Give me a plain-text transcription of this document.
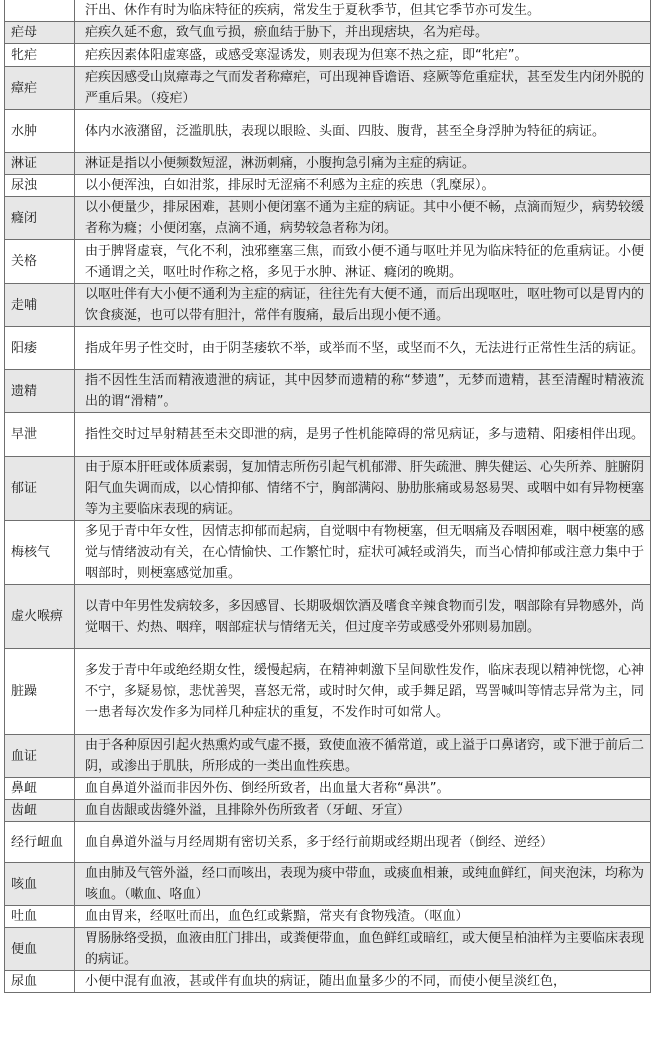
	汗出、休作有时为临床特征的疾病，常发生于夏秋季节，但其它季节亦可发生。
疟母	疟疾久延不愈，致气血亏损，瘀血结于胁下，并出现痞块，名为疟母。
牝疟	疟疾因素体阳虚寒盛，或感受寒湿诱发，则表现为但寒不热之症，即“牝疟”。
瘴疟	疟疾因感受山岚瘴毒之气而发者称瘴疟，可出现神昏谵语、痉厥等危重症状，甚至发生内闭外脱的严重后果。（疫疟）
水肿	体内水液潴留，泛滥肌肤，表现以眼睑、头面、四肢、腹背，甚至全身浮肿为特征的病证。
淋证	淋证是指以小便频数短涩，淋沥刺痛，小腹拘急引痛为主症的病证。
尿浊	以小便浑浊，白如泔浆，排尿时无涩痛不利感为主症的疾患（乳糜尿）。
癃闭	以小便量少，排尿困难，甚则小便闭塞不通为主症的病证。其中小便不畅，点滴而短少，病势较缓者称为癃；小便闭塞，点滴不通，病势较急者称为闭。
关格	由于脾肾虚衰，气化不利，浊邪壅塞三焦，而致小便不通与呕吐并见为临床特征的危重病证。小便不通谓之关，呕吐时作称之格，多见于水肿、淋证、癃闭的晚期。
走哺	以呕吐伴有大小便不通利为主症的病证，往往先有大便不通，而后出现呕吐，呕吐物可以是胃内的饮食痰涎，也可以带有胆汁，常伴有腹痛，最后出现小便不通。
阳痿	指成年男子性交时，由于阴茎痿软不举，或举而不坚，或坚而不久，无法进行正常性生活的病证。
遗精	指不因性生活而精液遗泄的病证，其中因梦而遗精的称“梦遗”，无梦而遗精，甚至清醒时精液流出的谓“滑精”。
早泄	指性交时过早射精甚至未交即泄的病，是男子性机能障碍的常见病证，多与遗精、阳痿相伴出现。
郁证	由于原本肝旺或体质素弱，复加情志所伤引起气机郁滞、肝失疏泄、脾失健运、心失所养、脏腑阴阳气血失调而成，以心情抑郁、情绪不宁，胸部满闷、胁肋胀痛或易怒易哭、或咽中如有异物梗塞等为主要临床表现的病证。
梅核气	多见于青中年女性，因情志抑郁而起病，自觉咽中有物梗塞，但无咽痛及吞咽困难，咽中梗塞的感觉与情绪波动有关，在心情愉快、工作繁忙时，症状可减轻或消失，而当心情抑郁或注意力集中于咽部时，则梗塞感觉加重。
虚火喉痹	以青中年男性发病较多，多因感冒、长期吸烟饮酒及嗜食辛辣食物而引发，咽部除有异物感外，尚觉咽干、灼热、咽痒，咽部症状与情绪无关，但过度辛劳或感受外邪则易加剧。
脏躁	多发于青中年或绝经期女性，缓慢起病，在精神刺激下呈间歇性发作，临床表现以精神恍惚，心神不宁，多疑易惊，悲忧善哭，喜怒无常，或时时欠伸，或手舞足蹈，骂詈喊叫等情志异常为主，同一患者每次发作多为同样几种症状的重复，不发作时可如常人。
血证	由于各种原因引起火热熏灼或气虚不摄，致使血液不循常道，或上溢于口鼻诸窍，或下泄于前后二阴，或渗出于肌肤，所形成的一类出血性疾患。
鼻衄	血自鼻道外溢而非因外伤、倒经所致者，出血量大者称“鼻洪”。
齿衄	血自齿龈或齿缝外溢，且排除外伤所致者（牙衄、牙宣）
经行衄血	血自鼻道外溢与月经周期有密切关系，多于经行前期或经期出现者（倒经、逆经）
咳血	血由肺及气管外溢，经口而咳出，表现为痰中带血，或痰血相兼，或纯血鲜红，间夹泡沫，均称为咳血。（嗽血、咯血）
吐血	血由胃来，经呕吐而出，血色红或紫黯，常夹有食物残渣。（呕血）
便血	胃肠脉络受损，血液由肛门排出，或粪便带血，血色鲜红或暗红，或大便呈柏油样为主要临床表现的病证。
尿血	小便中混有血液，甚或伴有血块的病证，随出血量多少的不同，而使小便呈淡红色，
